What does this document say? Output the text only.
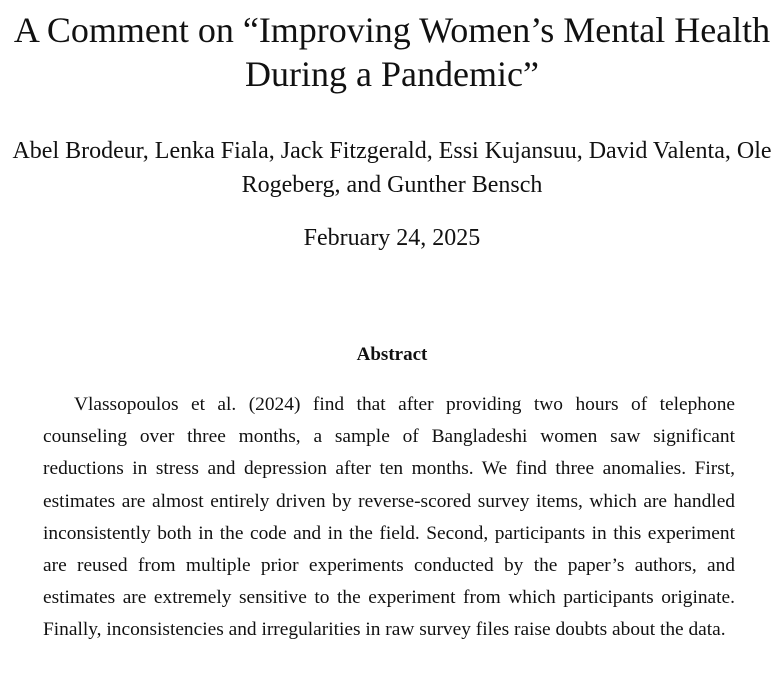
A Comment on “Improving Women’s Mental Health During a Pandemic”

Abel Brodeur, Lenka Fiala, Jack Fitzgerald, Essi Kujansuu, David Valenta, Ole Rogeberg, and Gunther Bensch

February 24, 2025

Abstract

Vlassopoulos et al. (2024) find that after providing two hours of telephone counseling over three months, a sample of Bangladeshi women saw significant reductions in stress and depression after ten months. We find three anomalies. First, estimates are almost entirely driven by reverse-scored survey items, which are handled inconsistently both in the code and in the field. Second, participants in this experiment are reused from multiple prior experiments conducted by the paper’s authors, and estimates are extremely sensitive to the experiment from which participants originate. Finally, inconsistencies and irregularities in raw survey files raise doubts about the data.
